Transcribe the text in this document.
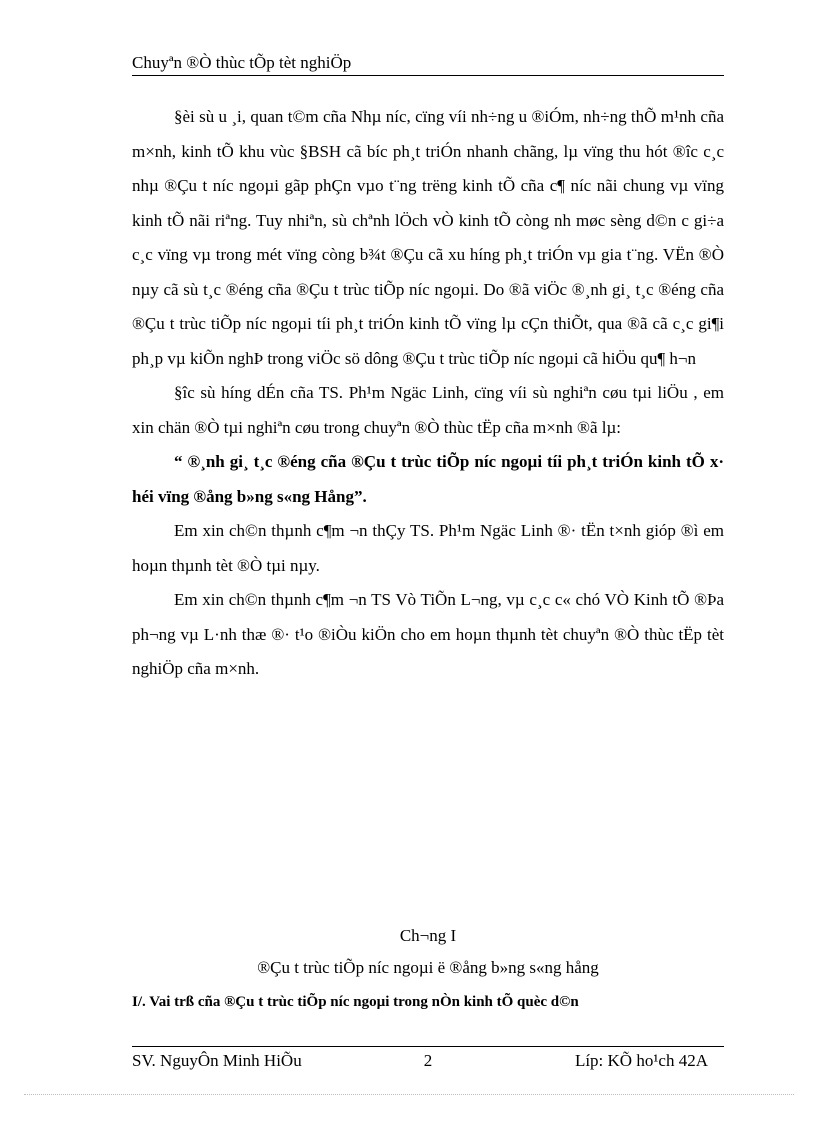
Chuyªn ®Ò thùc tÕp tèt nghiÖp

§èi sù u ¸i, quan t©m cña Nhµ níc, cïng víi nh÷ng u ®iÓm, nh÷ng thÕ m¹nh cña m×nh, kinh tÕ khu vùc §BSH cã bíc ph¸t triÓn nhanh chãng, lµ vïng thu hót ®îc c¸c nhµ ®Çu t níc ngoµi gãp phÇn vµo t¨ng trëng kinh tÕ cña c¶ níc nãi chung vµ vïng kinh tÕ nãi riªng. Tuy nhiªn, sù chªnh lÖch vÒ kinh tÕ còng nh møc sèng d©n c gi÷a c¸c vïng vµ trong mét vïng còng b¾t ®Çu cã xu híng ph¸t triÓn vµ gia t¨ng. VËn ®Ò nµy cã sù t¸c ®éng cña ®Çu t trùc tiÕp níc ngoµi. Do ®ã viÖc ®¸nh gi¸ t¸c ®éng cña ®Çu t trùc tiÕp níc ngoµi tíi ph¸t triÓn kinh tÕ vïng lµ cÇn thiÕt, qua ®ã cã c¸c gi¶i ph¸p vµ kiÕn nghÞ trong viÖc sö dông ®Çu t trùc tiÕp níc ngoµi cã hiÖu qu¶ h¬n

§îc sù híng dÉn cña TS. Ph¹m Ngäc Linh, cïng víi sù nghiªn cøu tµi liÖu , em xin chän ®Ò tµi nghiªn cøu trong chuyªn ®Ò thùc tËp cña m×nh ®ã lµ:

“ ®¸nh gi¸ t¸c ®éng cña ®Çu t trùc tiÕp níc ngoµi tíi ph¸t triÓn kinh tÕ x· héi vïng ®ång b»ng s«ng Hång”.

Em xin ch©n thµnh c¶m ¬n thÇy TS. Ph¹m Ngäc Linh ®· tËn t×nh gióp ®ì em hoµn thµnh tèt ®Ò tµi nµy.

Em xin ch©n thµnh c¶m ¬n TS Vò TiÕn L¬ng, vµ c¸c c« chó VÒ Kinh tÕ ®Þa ph¬ng vµ L·nh thæ ®· t¹o ®iÒu kiÖn cho em hoµn thµnh tèt chuyªn ®Ò thùc tËp tèt nghiÖp cña m×nh.

Ch¬ng I
®Çu t trùc tiÕp níc ngoµi ë ®ång b»ng s«ng hång
I/. Vai trß cña ®Çu t trùc tiÕp níc ngoµi trong nÒn kinh tÕ quèc d©n
SV. NguyÔn Minh HiÕu	2	Líp: KÕ ho¹ch 42A
